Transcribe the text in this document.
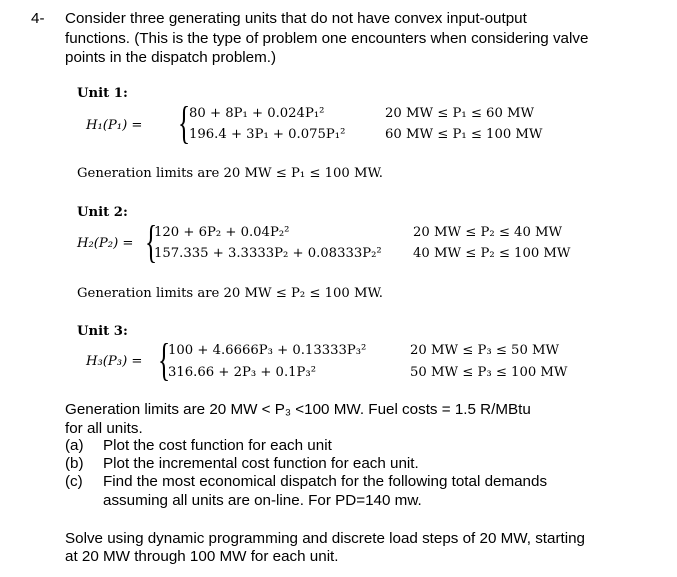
4- Consider three generating units that do not have convex input-output
functions. (This is the type of problem one encounters when considering valve
points in the dispatch problem.)
Unit 1:
H₁(P₁) = {
80 + 8P₁ + 0.024P₁²
196.4 + 3P₁ + 0.075P₁²
20 MW ≤ P₁ ≤ 60 MW
60 MW ≤ P₁ ≤ 100 MW
Generation limits are 20 MW ≤ P₁ ≤ 100 MW.
Unit 2:
H₂(P₂) = {
120 + 6P₂ + 0.04P₂²
157.335 + 3.3333P₂ + 0.08333P₂²
20 MW ≤ P₂ ≤ 40 MW
40 MW ≤ P₂ ≤ 100 MW
Generation limits are 20 MW ≤ P₂ ≤ 100 MW.
Unit 3:
H₃(P₃) = {
100 + 4.6666P₃ + 0.13333P₃²
316.66 + 2P₃ + 0.1P₃²
20 MW ≤ P₃ ≤ 50 MW
50 MW ≤ P₃ ≤ 100 MW
Generation limits are 20 MW < P₃ <100 MW. Fuel costs = 1.5 R/MBtu
for all units.
(a) Plot the cost function for each unit
(b) Plot the incremental cost function for each unit.
(c) Find the most economical dispatch for the following total demands
assuming all units are on-line. For PD=140 mw.
Solve using dynamic programming and discrete load steps of 20 MW, starting
at 20 MW through 100 MW for each unit.
